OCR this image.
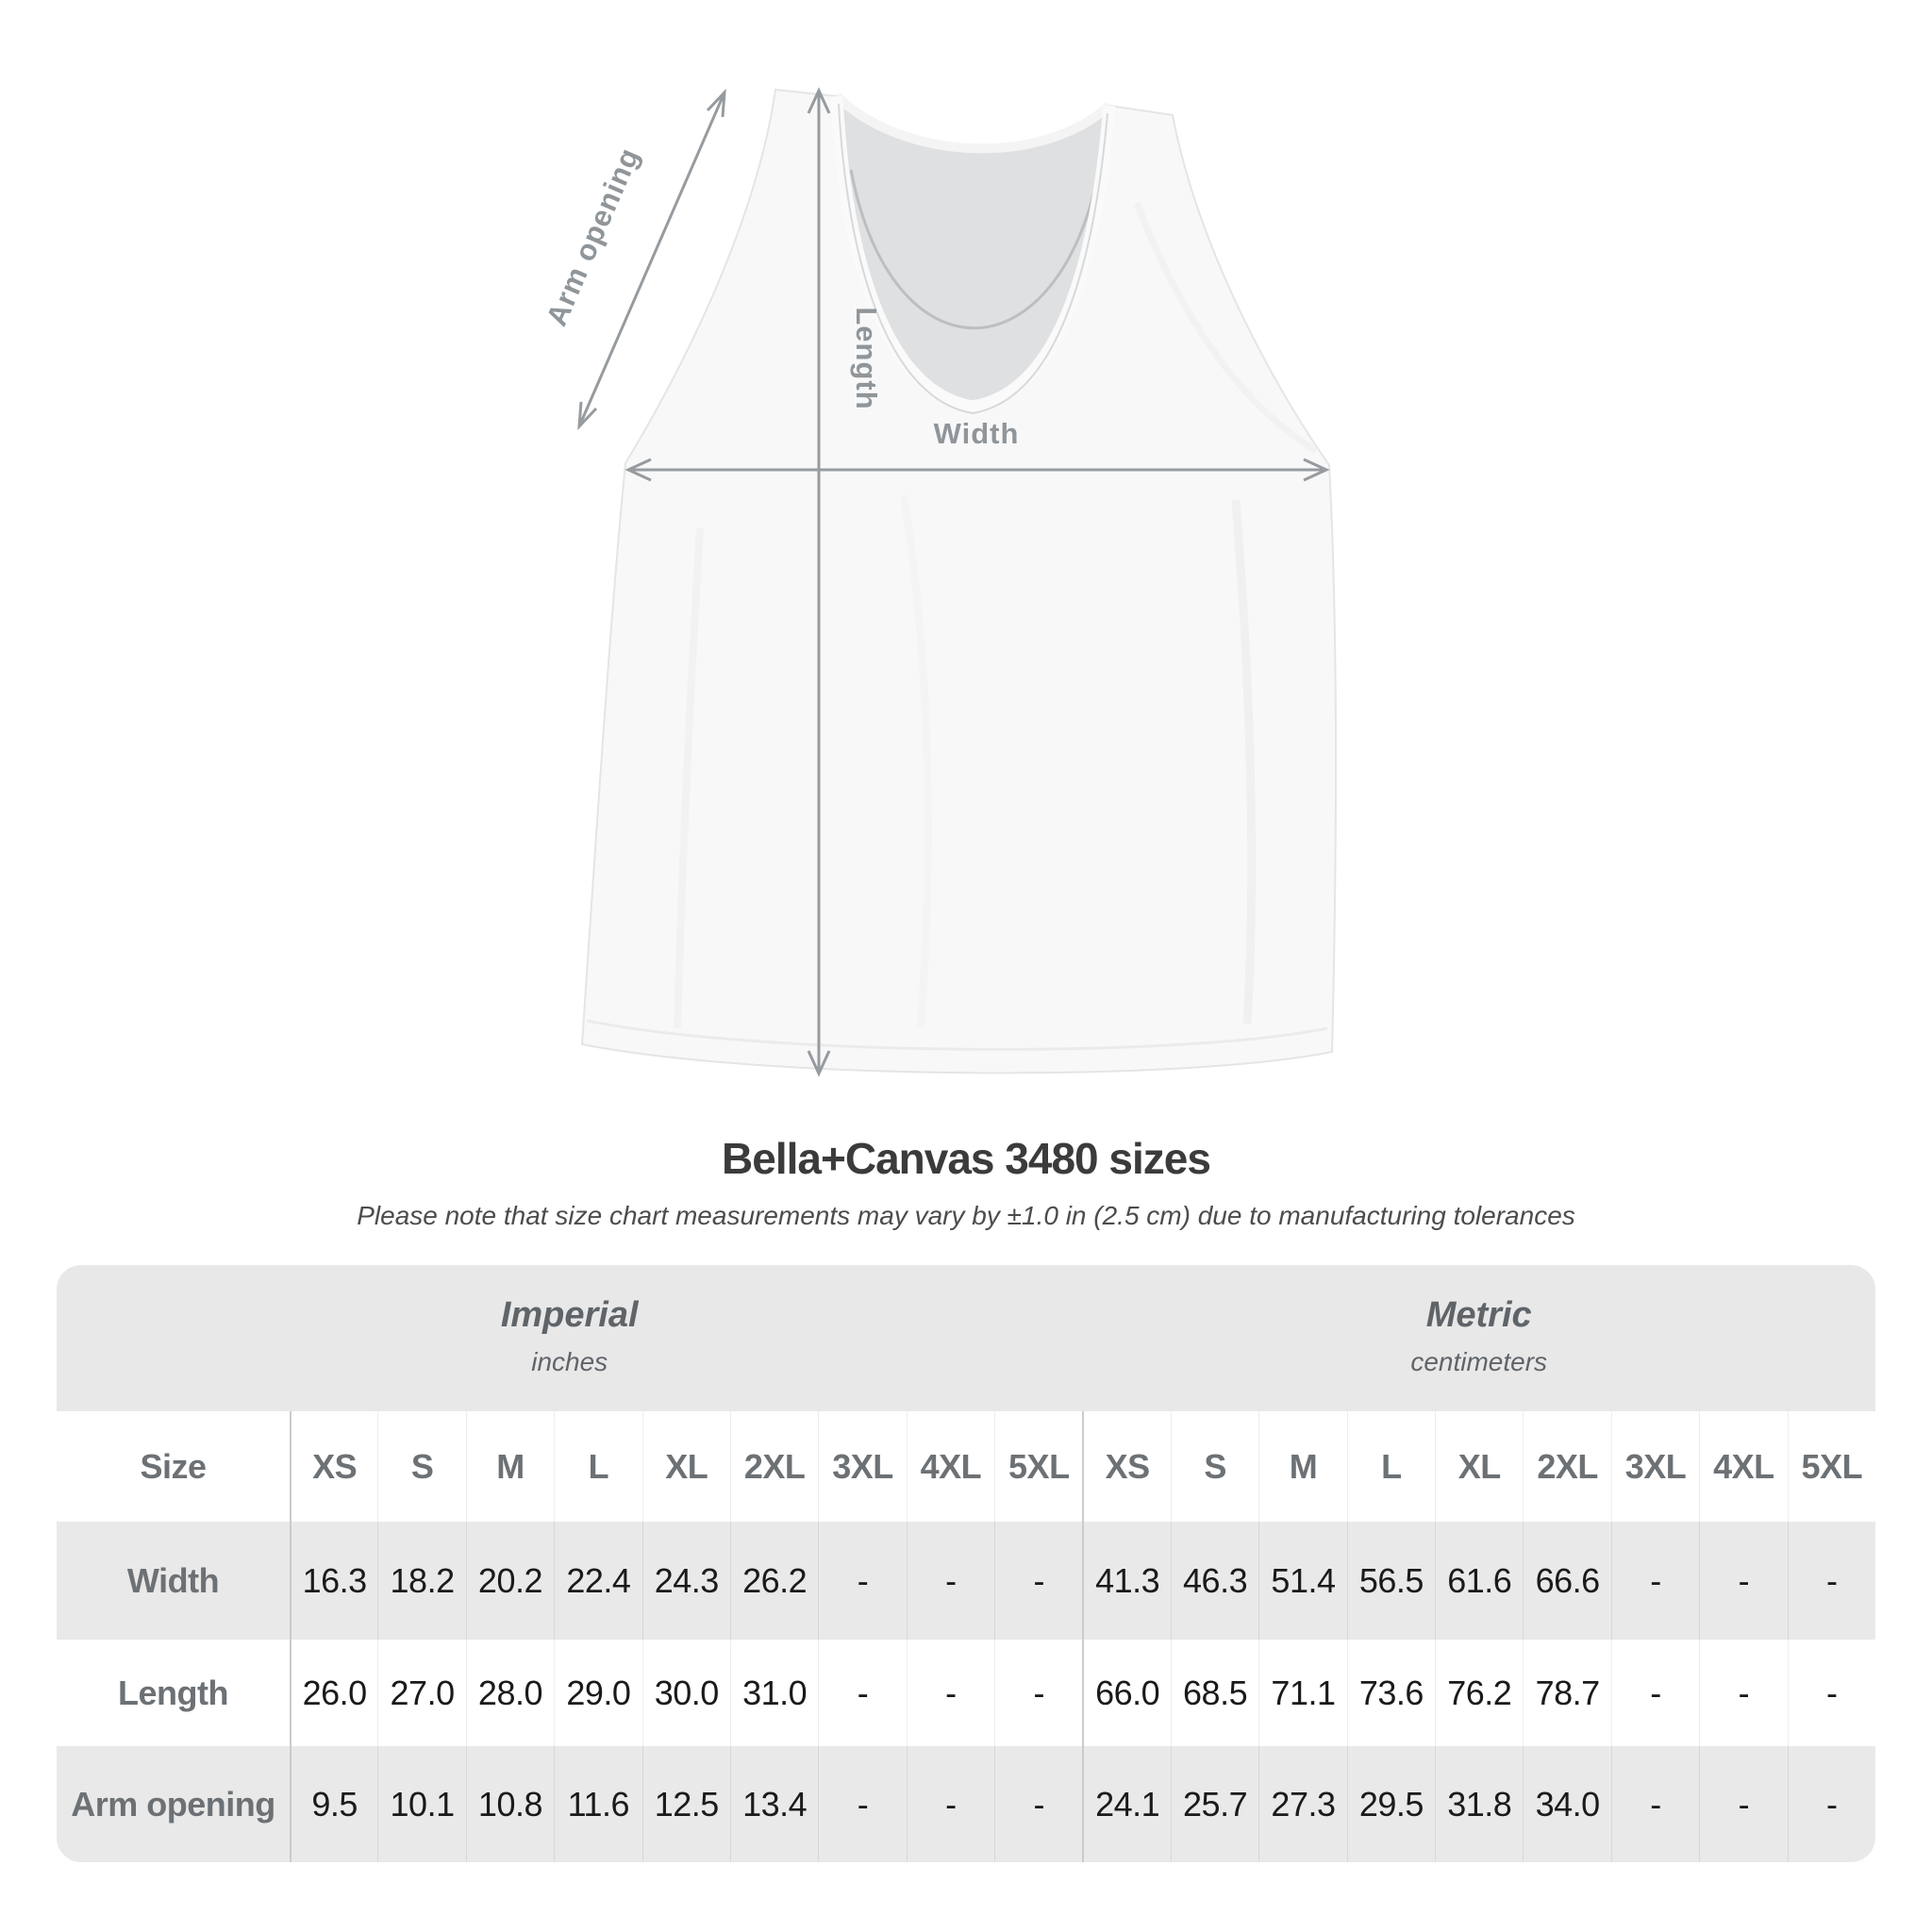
Arm opening
Length
Width
Bella+Canvas 3480 sizes
Please note that size chart measurements may vary by ±1.0 in (2.5 cm) due to manufacturing tolerances
Imperial
inches
Metric
centimeters
Size	XS	S	M	L	XL	2XL 3XL 4XL 5XL	XS	S	M	L	XL	2XL 3XL 4XL 5XL
Width	16.3 18.2 20.2 22.4 24.3 26.2	-	-	-	41.3 46.3 51.4 56.5 61.6 66.6	-	-	-
Length	26.0 27.0 28.0 29.0 30.0 31.0	-	-	-	66.0 68.5 71.1 73.6 76.2 78.7	-	-	-
Arm opening	9.5 10.1 10.8 11.6 12.5 13.4	-	-	-	24.1 25.7 27.3 29.5 31.8 34.0	-	-	-
